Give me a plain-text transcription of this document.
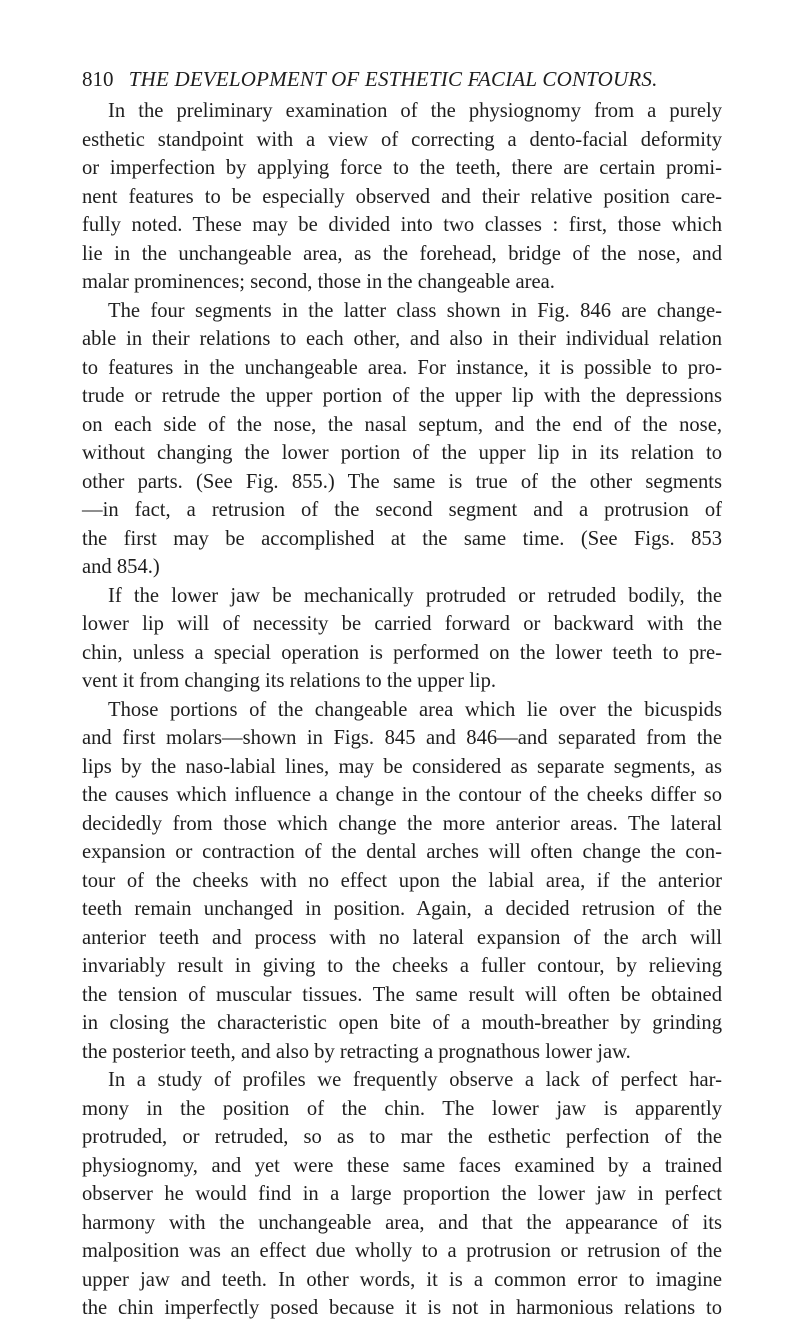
810 THE DEVELOPMENT OF ESTHETIC FACIAL CONTOURS.
In the preliminary examination of the physiognomy from a purely
esthetic standpoint with a view of correcting a dento-facial deformity
or imperfection by applying force to the teeth, there are certain promi-
nent features to be especially observed and their relative position care-
fully noted. These may be divided into two classes : first, those which
lie in the unchangeable area, as the forehead, bridge of the nose, and
malar prominences; second, those in the changeable area.
The four segments in the latter class shown in Fig. 846 are change-
able in their relations to each other, and also in their individual relation
to features in the unchangeable area. For instance, it is possible to pro-
trude or retrude the upper portion of the upper lip with the depressions
on each side of the nose, the nasal septum, and the end of the nose,
without changing the lower portion of the upper lip in its relation to
other parts. (See Fig. 855.) The same is true of the other segments
—in fact, a retrusion of the second segment and a protrusion of
the first may be accomplished at the same time. (See Figs. 853
and 854.)
If the lower jaw be mechanically protruded or retruded bodily, the
lower lip will of necessity be carried forward or backward with the
chin, unless a special operation is performed on the lower teeth to pre-
vent it from changing its relations to the upper lip.
Those portions of the changeable area which lie over the bicuspids
and first molars—shown in Figs. 845 and 846—and separated from the
lips by the naso-labial lines, may be considered as separate segments, as
the causes which influence a change in the contour of the cheeks differ so
decidedly from those which change the more anterior areas. The lateral
expansion or contraction of the dental arches will often change the con-
tour of the cheeks with no effect upon the labial area, if the anterior
teeth remain unchanged in position. Again, a decided retrusion of the
anterior teeth and process with no lateral expansion of the arch will
invariably result in giving to the cheeks a fuller contour, by relieving
the tension of muscular tissues. The same result will often be obtained
in closing the characteristic open bite of a mouth-breather by grinding
the posterior teeth, and also by retracting a prognathous lower jaw.
In a study of profiles we frequently observe a lack of perfect har-
mony in the position of the chin. The lower jaw is apparently
protruded, or retruded, so as to mar the esthetic perfection of the
physiognomy, and yet were these same faces examined by a trained
observer he would find in a large proportion the lower jaw in perfect
harmony with the unchangeable area, and that the appearance of its
malposition was an effect due wholly to a protrusion or retrusion of the
upper jaw and teeth. In other words, it is a common error to imagine
the chin imperfectly posed because it is not in harmonious relations to
